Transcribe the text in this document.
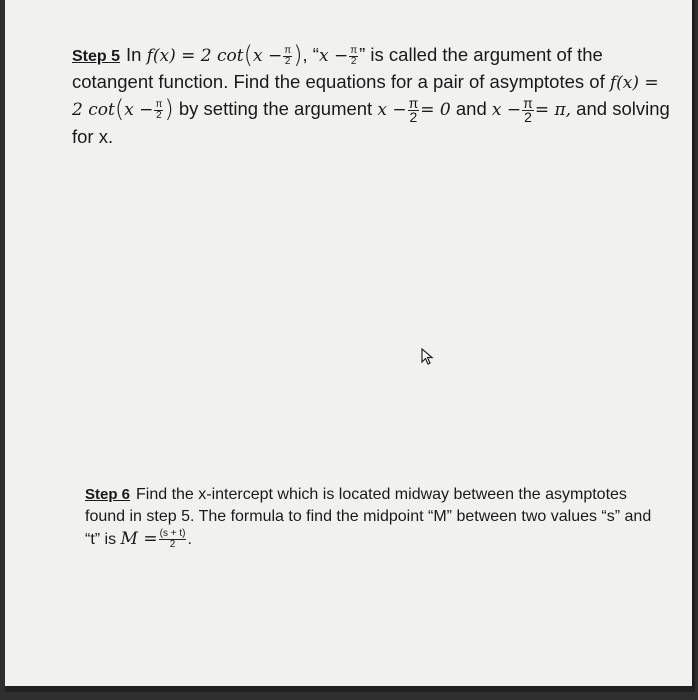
Step 5 In f(x) = 2 $\cot(x - \frac{\pi}{2}$ ), “$x - \frac{\pi}{2}$ ” is called the argument of the cotangent function. Find the equations for a pair of asymptotes of f(x) = 2 $\cot(x - \frac{\pi}{2}$ ) by setting the argument $x - \frac{\pi}{2} = 0$ and $x - \frac{\pi}{2} = \pi$, and solving for x.
Step 6 Find the x-intercept which is located midway between the asymptotes found in step 5. The formula to find the midpoint “M” between two values “s” and “t” is $M = \frac{(s + t)}{2}$ .
